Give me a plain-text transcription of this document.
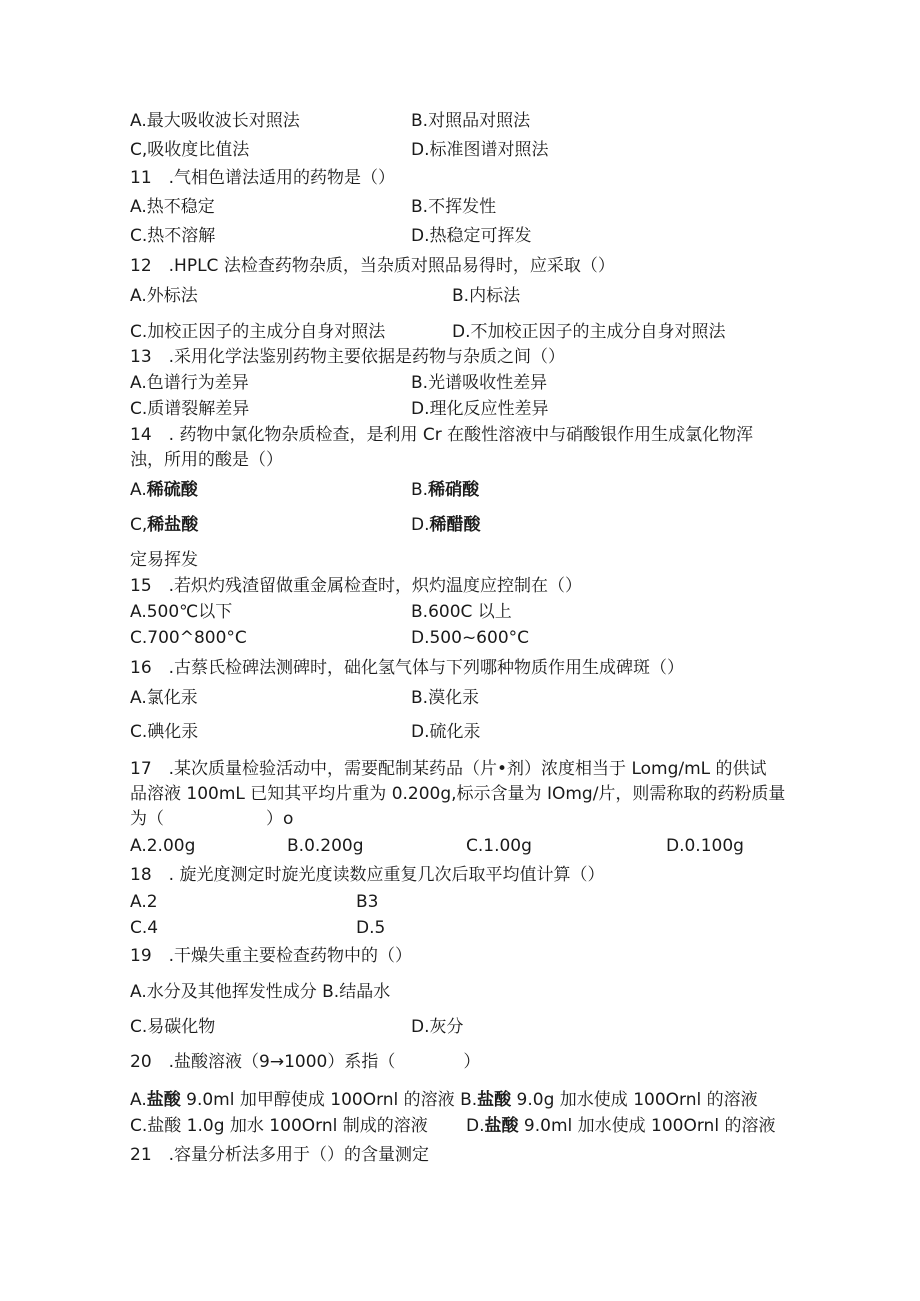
A.最大吸收波长对照法	B.对照品对照法
C,吸收度比值法	D.标准图谱对照法
11　.气相色谱法适用的药物是（）
A.热不稳定	B.不挥发性
C.热不溶解	D.热稳定可挥发
12　.HPLC 法检查药物杂质，当杂质对照品易得时，应采取（）
A.外标法	B.内标法
C.加校正因子的主成分自身对照法	D.不加校正因子的主成分自身对照法
13　.采用化学法鉴别药物主要依据是药物与杂质之间（）
A.色谱行为差异	B.光谱吸收性差异
C.质谱裂解差异	D.理化反应性差异
14　. 药物中氯化物杂质检查，是利用 Cr 在酸性溶液中与硝酸银作用生成氯化物浑
浊，所用的酸是（）
A.稀硫酸	B.稀硝酸
C,稀盐酸	D.稀醋酸
定易挥发
15　.若炽灼残渣留做重金属检查时，炽灼温度应控制在（）
A.500℃以下	B.600C 以上
C.700^800°C	D.500~600°C
16　.古蔡氏检碑法测碑时，础化氢气体与下列哪种物质作用生成碑斑（）
A.氯化汞	B.漠化汞
C.碘化汞	D.硫化汞
17　.某次质量检验活动中，需要配制某药品（片•剂）浓度相当于 Lomg∕mL 的供试
品溶液 100mL 已知其平均片重为 0.200g,标示含量为 IOmg/片，则需称取的药粉质量
为（　　　　　　）o
A.2.00g	B.0.200g	C.1.00g	D.0.100g
18　. 旋光度测定时旋光度读数应重复几次后取平均值计算（）
A.2	B3
C.4	D.5
19　.干燥失重主要检查药物中的（）
A.水分及其他挥发性成分 B.结晶水
C.易碳化物	D.灰分
20　.盐酸溶液（9→1000）系指（　　　　）
A.盐酸 9.0ml 加甲醇使成 100Ornl 的溶液 B.盐酸 9.0g 加水使成 100Ornl 的溶液
C.盐酸 1.0g 加水 100Ornl 制成的溶液 D.盐酸 9.0ml 加水使成 100Ornl 的溶液
21　.容量分析法多用于（）的含量测定
